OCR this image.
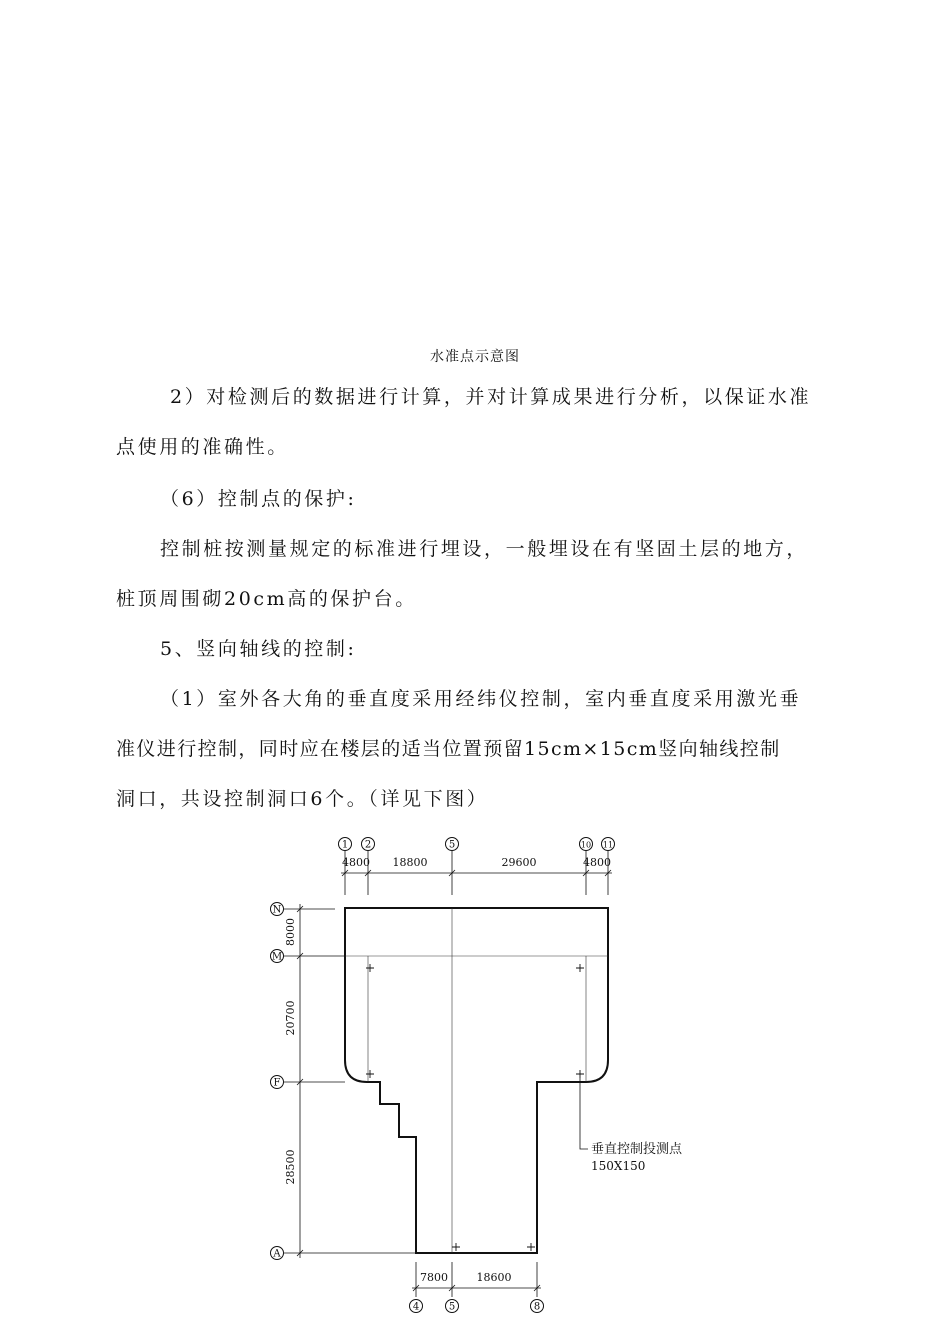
水准点示意图
2）对检测后的数据进行计算，并对计算成果进行分析，以保证水准
点使用的准确性。
（6）控制点的保护:
控制桩按测量规定的标准进行埋设，一般埋设在有坚固土层的地方，
桩顶周围砌20cm高的保护台。
5、竖向轴线的控制:
（1）室外各大角的垂直度采用经纬仪控制，室内垂直度采用激光垂
准仪进行控制，同时应在楼层的适当位置预留15cm×15cm竖向轴线控制
洞口，共设控制洞口6个。（详见下图）
1 2	5	10 11
4800 18800	29600	4800
N
M
F
A
8000
20700
28500	垂直控制投测点
150X150
7800	18600
4	5	8
